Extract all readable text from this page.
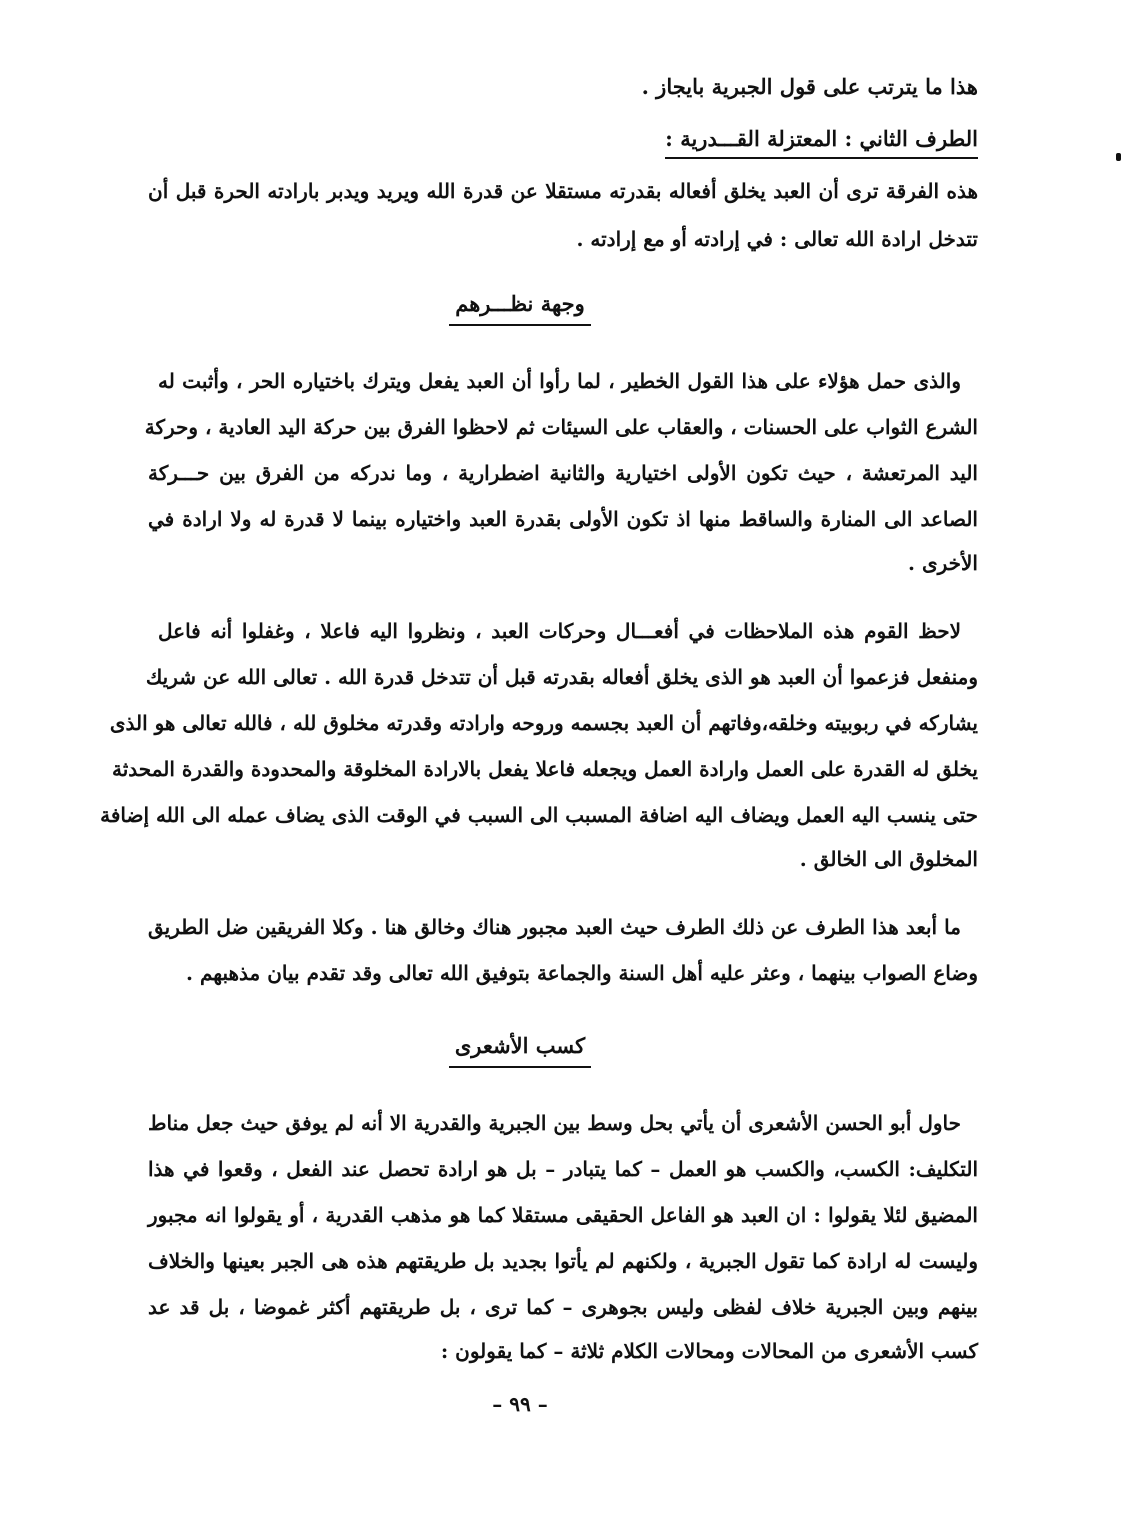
هذا ما يترتب على قول الجبرية بايجاز .
الطرف الثاني : المعتزلة القـــدرية :
هذه الفرقة ترى أن العبد يخلق أفعاله بقدرته مستقلا عن قدرة الله ويريد ويدبر بارادته الحرة قبل أن
تتدخل ارادة الله تعالى : في إرادته أو مع إرادته .
وجهة نظـــرهم
والذى حمل هؤلاء على هذا القول الخطير ، لما رأوا أن العبد يفعل ويترك باختياره الحر ، وأثبت له
الشرع الثواب على الحسنات ، والعقاب على السيئات ثم لاحظوا الفرق بين حركة اليد العادية ، وحركة
اليد المرتعشة ، حيث تكون الأولى اختيارية والثانية اضطرارية ، وما ندركه من الفرق بين حـــركة
الصاعد الى المنارة والساقط منها اذ تكون الأولى بقدرة العبد واختياره بينما لا قدرة له ولا ارادة في
الأخرى .
لاحظ القوم هذه الملاحظات في أفعـــال وحركات العبد ، ونظروا اليه فاعلا ، وغفلوا أنه فاعل
ومنفعل فزعموا أن العبد هو الذى يخلق أفعاله بقدرته قبل أن تتدخل قدرة الله . تعالى الله عن شريك
يشاركه في ربوبيته وخلقه،وفاتهم أن العبد بجسمه وروحه وارادته وقدرته مخلوق لله ، فالله تعالى هو الذى
يخلق له القدرة على العمل وارادة العمل ويجعله فاعلا يفعل بالارادة المخلوقة والمحدودة والقدرة المحدثة
حتى ينسب اليه العمل ويضاف اليه اضافة المسبب الى السبب في الوقت الذى يضاف عمله الى الله إضافة
المخلوق الى الخالق .
ما أبعد هذا الطرف عن ذلك الطرف حيث العبد مجبور هناك وخالق هنا . وكلا الفريقين ضل الطريق
وضاع الصواب بينهما ، وعثر عليه أهل السنة والجماعة بتوفيق الله تعالى وقد تقدم بيان مذهبهم .
كسب الأشعرى
حاول أبو الحسن الأشعرى أن يأتي بحل وسط بين الجبرية والقدرية الا أنه لم يوفق حيث جعل مناط
التكليف: الكسب، والكسب هو العمل – كما يتبادر – بل هو ارادة تحصل عند الفعل ، وقعوا في هذا
المضيق لئلا يقولوا : ان العبد هو الفاعل الحقيقى مستقلا كما هو مذهب القدرية ، أو يقولوا انه مجبور
وليست له ارادة كما تقول الجبرية ، ولكنهم لم يأتوا بجديد بل طريقتهم هذه هى الجبر بعينها والخلاف
بينهم وبين الجبرية خلاف لفظى وليس بجوهرى – كما ترى ، بل طريقتهم أكثر غموضا ، بل قد عد
كسب الأشعرى من المحالات ومحالات الكلام ثلاثة – كما يقولون :
– ٩٩ –
